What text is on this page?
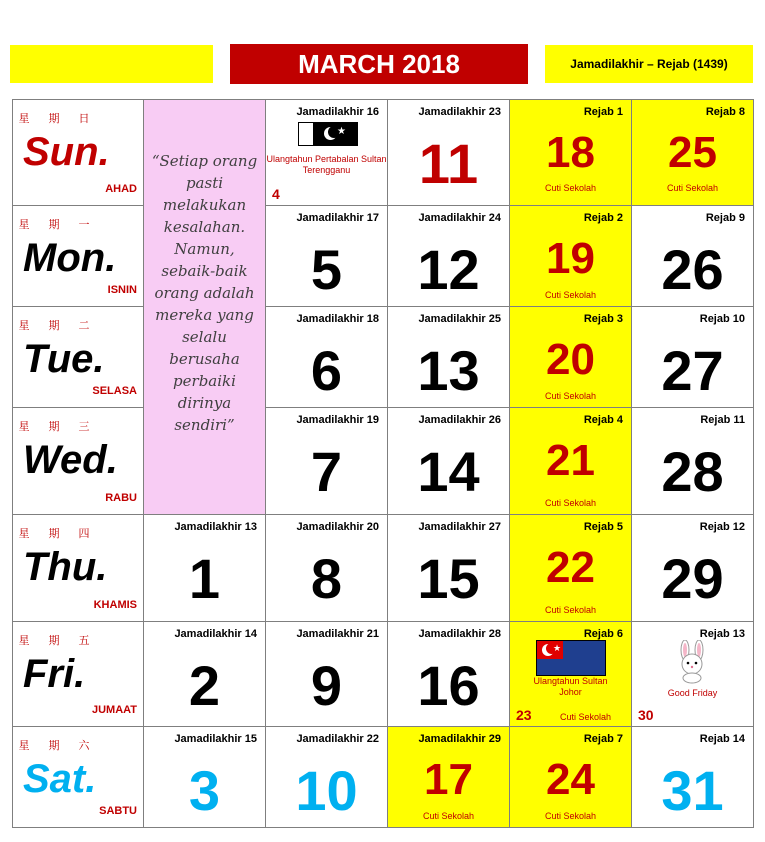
MARCH 2018	Jamadilakhir – Rejab (1439)
星 期 日
Sun.
AHAD
“Setiap orang
pasti
melakukan
kesalahan.
Namun,
sebaik-baik
orang adalah
mereka yang
selalu
berusaha
perbaiki
dirinya
sendiri”
Jamadilakhir 16
★
Ulangtahun Pertabalan Sultan Terengganu
4
Jamadilakhir 23
11
Rejab 1
18
Cuti Sekolah
Rejab 8
25
Cuti Sekolah
星 期 一
Mon.
ISNIN
Jamadilakhir 17
5
Jamadilakhir 24
12
Rejab 2
19
Cuti Sekolah
Rejab 9
26
星 期 二
Tue.
SELASA
Jamadilakhir 18
6
Jamadilakhir 25
13
Rejab 3
20
Cuti Sekolah
Rejab 10
27
星 期 三
Wed.
RABU
Jamadilakhir 19
7
Jamadilakhir 26
14
Rejab 4
21
Cuti Sekolah
Rejab 11
28
星 期 四
Thu.
KHAMIS
Jamadilakhir 13
1
Jamadilakhir 20
8
Jamadilakhir 27
15
Rejab 5
22
Cuti Sekolah
Rejab 12
29
星 期 五
Fri.
JUMAAT
Jamadilakhir 14
2
Jamadilakhir 21
9
Jamadilakhir 28
16
Rejab 6
★
Ulangtahun Sultan Johor
Cuti Sekolah
23
Rejab 13
Good Friday
30
星 期 六
Sat.
SABTU
Jamadilakhir 15
3
Jamadilakhir 22
10
Jamadilakhir 29
17
Cuti Sekolah
Rejab 7
24
Cuti Sekolah
Rejab 14
31
